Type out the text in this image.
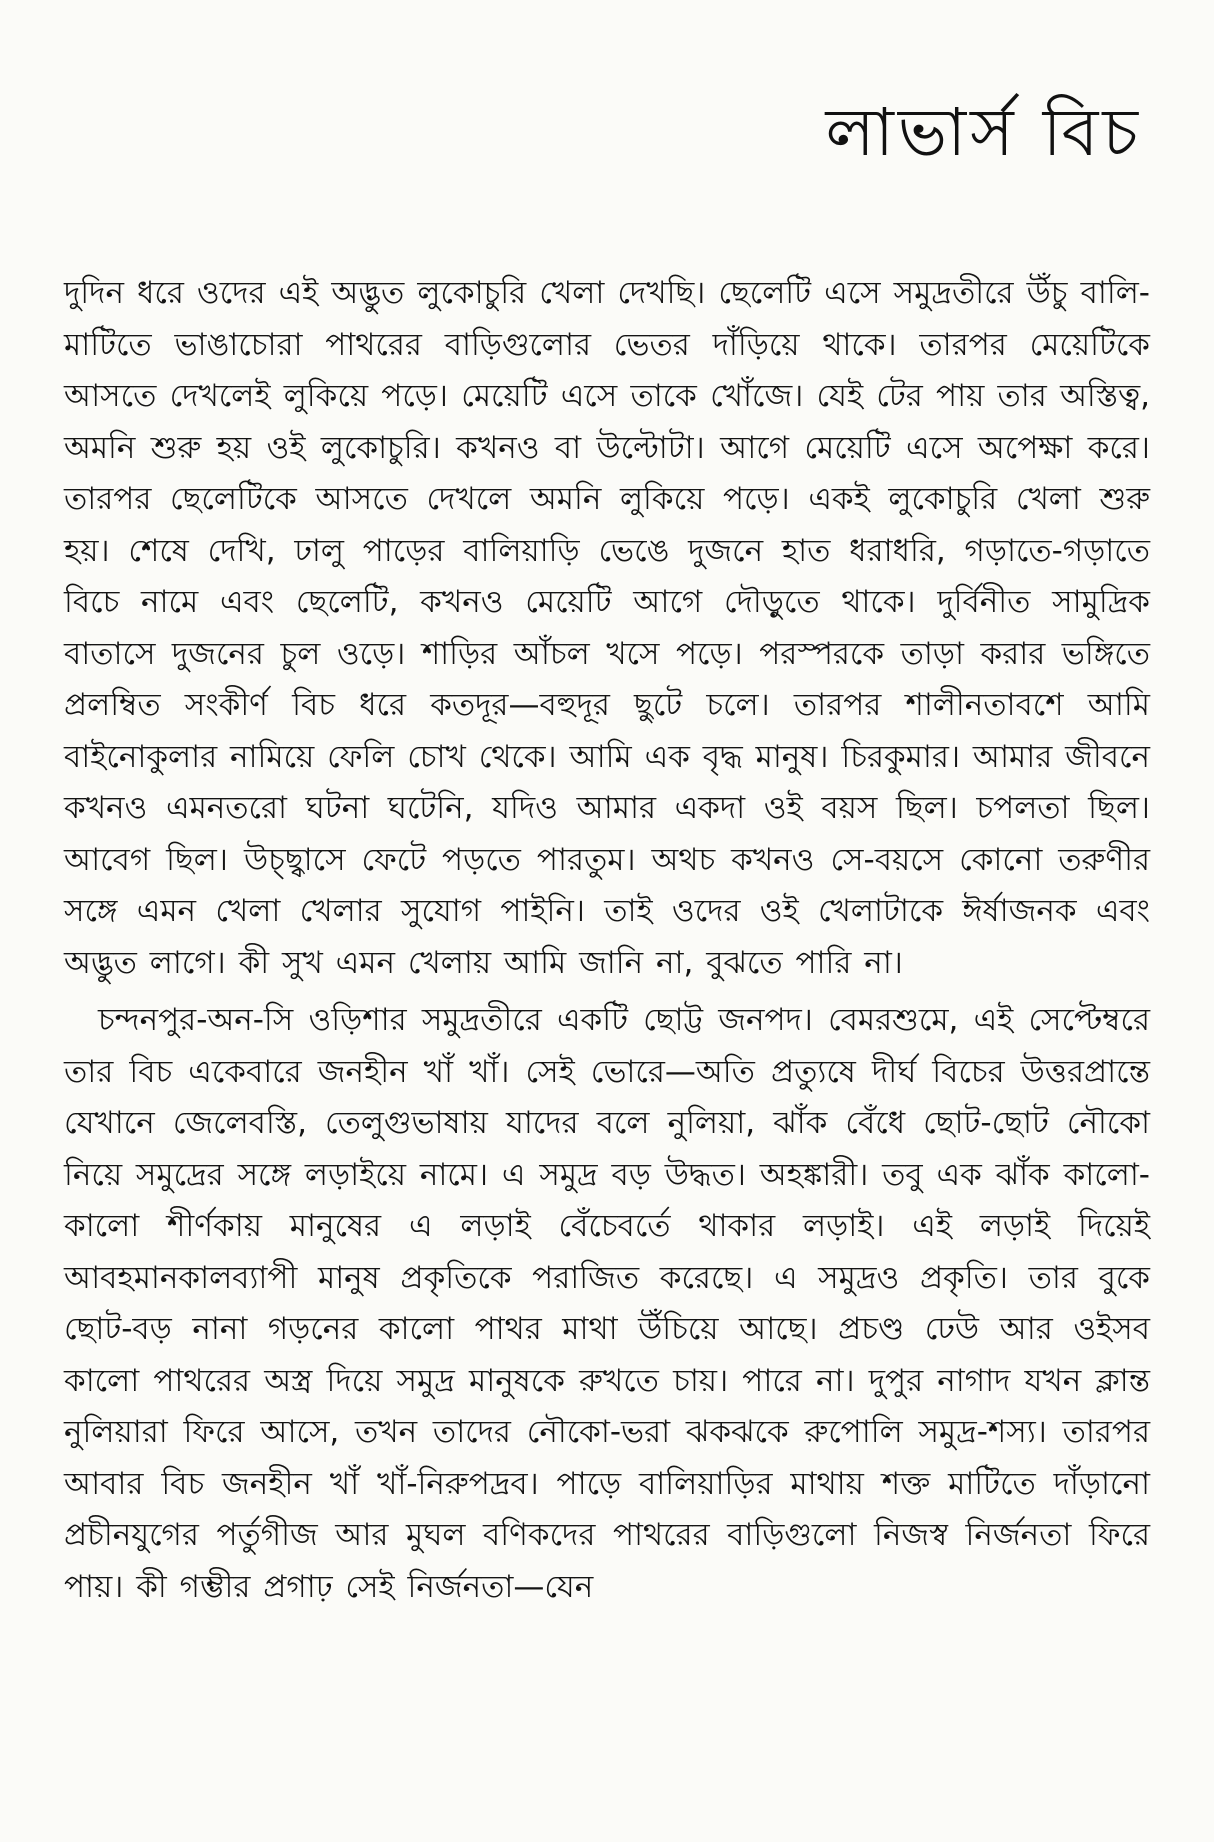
লাভার্স বিচ

দুদিন ধরে ওদের এই অদ্ভুত লুকোচুরি খেলা দেখছি। ছেলেটি এসে সমুদ্রতীরে উঁচু বালি-মাটিতে ভাঙাচোরা পাথরের বাড়িগুলোর ভেতর দাঁড়িয়ে থাকে। তারপর মেয়েটিকে আসতে দেখলেই লুকিয়ে পড়ে। মেয়েটি এসে তাকে খোঁজে। যেই টের পায় তার অস্তিত্ব, অমনি শুরু হয় ওই লুকোচুরি। কখনও বা উল্টোটা। আগে মেয়েটি এসে অপেক্ষা করে। তারপর ছেলেটিকে আসতে দেখলে অমনি লুকিয়ে পড়ে। একই লুকোচুরি খেলা শুরু হয়। শেষে দেখি, ঢালু পাড়ের বালিয়াড়ি ভেঙে দুজনে হাত ধরাধরি, গড়াতে-গড়াতে বিচে নামে এবং ছেলেটি, কখনও মেয়েটি আগে দৌড়ুতে থাকে। দুর্বিনীত সামুদ্রিক বাতাসে দুজনের চুল ওড়ে। শাড়ির আঁচল খসে পড়ে। পরস্পরকে তাড়া করার ভঙ্গিতে প্রলম্বিত সংকীর্ণ বিচ ধরে কতদূর—বহুদূর ছুটে চলে। তারপর শালীনতাবশে আমি বাইনোকুলার নামিয়ে ফেলি চোখ থেকে। আমি এক বৃদ্ধ মানুষ। চিরকুমার। আমার জীবনে কখনও এমনতরো ঘটনা ঘটেনি, যদিও আমার একদা ওই বয়স ছিল। চপলতা ছিল। আবেগ ছিল। উচ্ছ্বাসে ফেটে পড়তে পারতুম। অথচ কখনও সে-বয়সে কোনো তরুণীর সঙ্গে এমন খেলা খেলার সুযোগ পাইনি। তাই ওদের ওই খেলাটাকে ঈর্ষাজনক এবং অদ্ভুত লাগে। কী সুখ এমন খেলায় আমি জানি না, বুঝতে পারি না।

চন্দনপুর-অন-সি ওড়িশার সমুদ্রতীরে একটি ছোট্ট জনপদ। বেমরশুমে, এই সেপ্টেম্বরে তার বিচ একেবারে জনহীন খাঁ খাঁ। সেই ভোরে—অতি প্রত্যুষে দীর্ঘ বিচের উত্তরপ্রান্তে যেখানে জেলেবস্তি, তেলুগুভাষায় যাদের বলে নুলিয়া, ঝাঁক বেঁধে ছোট-ছোট নৌকো নিয়ে সমুদ্রের সঙ্গে লড়াইয়ে নামে। এ সমুদ্র বড় উদ্ধত। অহঙ্কারী। তবু এক ঝাঁক কালো-কালো শীর্ণকায় মানুষের এ লড়াই বেঁচেবর্তে থাকার লড়াই। এই লড়াই দিয়েই আবহমানকালব্যাপী মানুষ প্রকৃতিকে পরাজিত করেছে। এ সমুদ্রও প্রকৃতি। তার বুকে ছোট-বড় নানা গড়নের কালো পাথর মাথা উঁচিয়ে আছে। প্রচণ্ড ঢেউ আর ওইসব কালো পাথরের অস্ত্র দিয়ে সমুদ্র মানুষকে রুখতে চায়। পারে না। দুপুর নাগাদ যখন ক্লান্ত নুলিয়ারা ফিরে আসে, তখন তাদের নৌকো-ভরা ঝকঝকে রুপোলি সমুদ্র-শস্য। তারপর আবার বিচ জনহীন খাঁ খাঁ-নিরুপদ্রব। পাড়ে বালিয়াড়ির মাথায় শক্ত মাটিতে দাঁড়ানো প্রচীনযুগের পর্তুগীজ আর মুঘল বণিকদের পাথরের বাড়িগুলো নিজস্ব নির্জনতা ফিরে পায়। কী গম্ভীর প্রগাঢ় সেই নির্জনতা—যেন
